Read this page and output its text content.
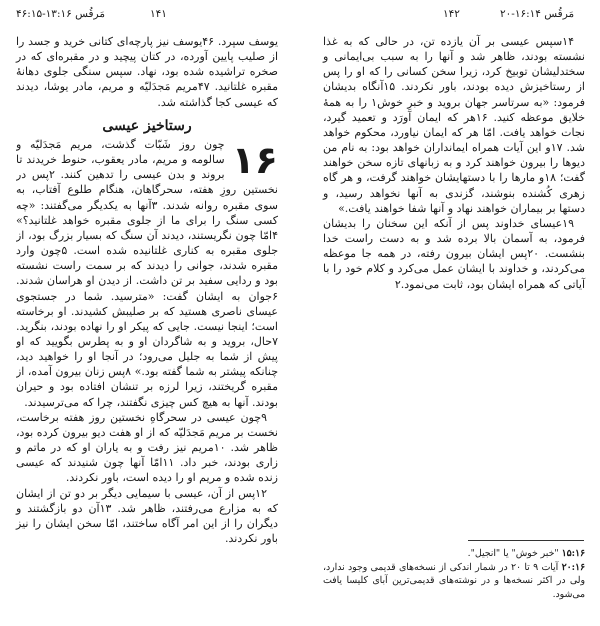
مَرقُس ۱۳:۱۶-۴۶:۱۵	۱۴۱	۱۴۲	مَرقُس ۱۶:۱۴-۲۰

یوسف سپرد. ۴۶یوسف نیز پارچه‌ای کتانی خرید و جسد را از صلیب پایین آورده، در کتان پیچید و در مقبره‌ای که در صخره تراشیده شده بود، نهاد. سپس سنگی جلوی دهانهٔ مقبره غلتانید. ۴۷مریم مَجدَلیّه و مریم، مادر یوشا، دیدند که عیسی کجا گذاشته شد.

رستاخیز عیسی
۱۶

چون روز شَبّات گذشت، مریم مَجدَلیّه و سالومه و مریم، مادر یعقوب، حنوط خریدند تا بروند و بدن عیسی را تدهین کنند. ۲پس در نخستین روزِ هفته، سحرگاهان، هنگام طلوع آفتاب، به سوی مقبره روانه شدند. ۳آنها به یکدیگر می‌گفتند: «چه کسی سنگ را برای ما از جلوی مقبره خواهد غلتانید؟» ۴امّا چون نگریستند، دیدند آن سنگ که بسیار بزرگ بود، از جلوی مقبره به کناری غلتانیده شده است. ۵چون وارد مقبره شدند، جوانی را دیدند که بر سمت راست نشسته بود و ردایی سفید بر تن داشت. از دیدن او هراسان شدند. ۶جوان به ایشان گفت: «مترسید. شما در جستجوی عیسای ناصری هستید که بر صلیبش کشیدند. او برخاسته است؛ اینجا نیست. جایی که پیکر او را نهاده بودند، بنگرید. ۷حال، بروید و به شاگردان او و به پطرس بگویید که او پیش از شما به جلیل می‌رود؛ در آنجا او را خواهید دید، چنانکه پیشتر به شما گفته بود.» ۸پس زنان بیرون آمده، از مقبره گریختند، زیرا لرزه بر تنشان افتاده بود و حیران بودند. آنها به هیچ کس چیزی نگفتند، چرا که می‌ترسیدند.

۹چون عیسی در سحرگاهِ نخستین روز هفته برخاست، نخست بر مریم مَجدَلیّه که از او هفت دیو بیرون کرده بود، ظاهر شد. ۱۰مریم نیز رفت و به یاران او که در ماتم و زاری بودند، خبر داد. ۱۱امّا آنها چون شنیدند که عیسی زنده شده و مریم او را دیده است، باور نکردند.

۱۲پس از آن، عیسی با سیمایی دیگر بر دو تن از ایشان که به مزارع می‌رفتند، ظاهر شد. ۱۳آن دو بازگشتند و دیگران را از این امر آگاه ساختند، امّا سخن ایشان را نیز باور نکردند.

۱۴سپس عیسی بر آن یازده تن، در حالی که به غذا نشسته بودند، ظاهر شد و آنها را به سبب بی‌ایمانی و سختدلیشان توبیخ کرد، زیرا سخن کسانی را که او را پس از رستاخیزش دیده بودند، باور نکردند. ۱۵آنگاه بدیشان فرمود: «به سرتاسر جهان بروید و خبرِ خوش۱ را به همهٔ خلایق موعظه کنید. ۱۶هر که ایمان آورَد و تعمید گیرد، نجات خواهد یافت. امّا هر که ایمان نیاورد، محکوم خواهد شد. ۱۷و این آیات همراه ایمانداران خواهد بود: به نام من دیوها را بیرون خواهند کرد و به زبانهای تازه سخن خواهند گفت؛ ۱۸و مارها را با دستهایشان خواهند گرفت، و هر گاه زهری کُشنده بنوشند، گزندی به آنها نخواهد رسید، و دستها بر بیماران خواهند نهاد و آنها شفا خواهند یافت.»

۱۹عیسای خداوند پس از آنکه این سخنان را بدیشان فرمود، به آسمان بالا برده شد و به دست راست خدا بنشست. ۲۰پس ایشان بیرون رفته، در همه جا موعظه می‌کردند، و خداوند با ایشان عمل می‌کرد و کلام خود را با آیاتی که همراه ایشان بود، ثابت می‌نمود.۲

۱۵:۱۶ "خبر خوش" یا "انجیل".

۲۰:۱۶ آیات ۹ تا ۲۰ در شمار اندکی از نسخه‌های قدیمی وجود ندارد، ولی در اکثر نسخه‌ها و در نوشته‌های قدیمی‌ترین آبای کلیسا یافت می‌شود.
